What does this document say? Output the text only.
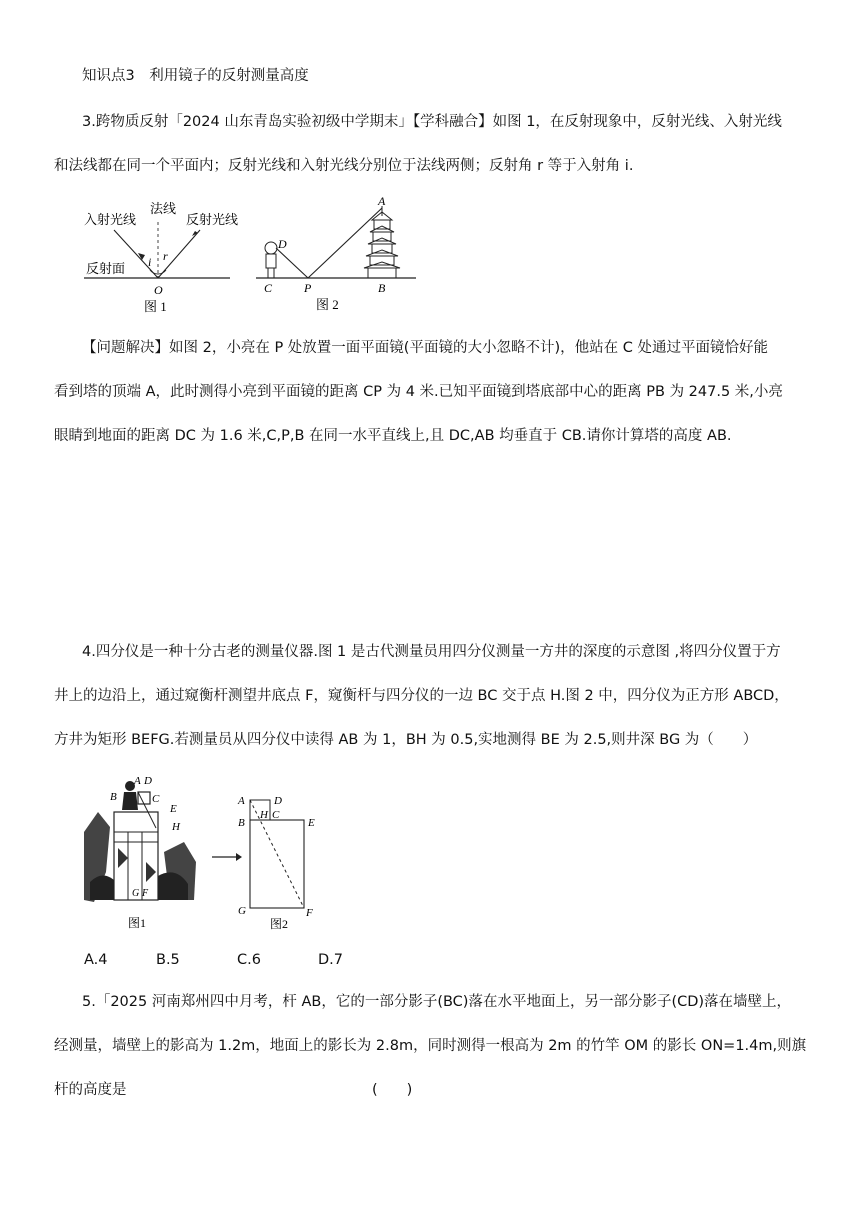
知识点3　利用镜子的反射测量高度
3.跨物质反射「2024 山东青岛实验初级中学期末」【学科融合】如图 1，在反射现象中，反射光线、入射光线
和法线都在同一个平面内；反射光线和入射光线分别位于法线两侧；反射角 r 等于入射角 i.
入射光线
法线
反射光线
反射面 i r
O
图 1
A
D
C	P	B
图 2
【问题解决】如图 2，小亮在 P 处放置一面平面镜(平面镜的大小忽略不计)，他站在 C 处通过平面镜恰好能
看到塔的顶端 A，此时测得小亮到平面镜的距离 CP 为 4 米.已知平面镜到塔底部中心的距离 PB 为 247.5 米,小亮
眼睛到地面的距离 DC 为 1.6 米,C,P,B 在同一水平直线上,且 DC,AB 均垂直于 CB.请你计算塔的高度 AB.
4.四分仪是一种十分古老的测量仪器.图 1 是古代测量员用四分仪测量一方井的深度的示意图 ,将四分仪置于方
井上的边沿上，通过窥衡杆测望井底点 F，窥衡杆与四分仪的一边 BC 交于点 H.图 2 中，四分仪为正方形 ABCD，
方井为矩形 BEFG.若测量员从四分仪中读得 AB 为 1，BH 为 0.5,实地测得 BE 为 2.5,则井深 BG 为（　　）
A D
B	C
E
H
G F
图1
A	D
B
H C
E
G	F
图2
A.4	B.5	C.6	D.7
5.「2025 河南郑州四中月考，杆 AB，它的一部分影子(BC)落在水平地面上，另一部分影子(CD)落在墙壁上，
经测量，墙壁上的影高为 1.2m，地面上的影长为 2.8m，同时测得一根高为 2m 的竹竿 OM 的影长 ON=1.4m,则旗
杆的高度是	(　　)
